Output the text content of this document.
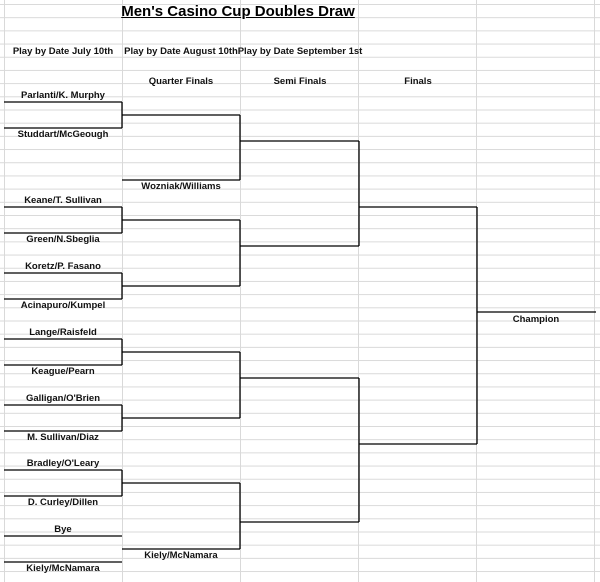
Men's Casino Cup Doubles Draw
Play by Date July 10th Play by Date August 10th Play by Date September 1st
Quarter Finals	Semi Finals	Finals
Parlanti/K. Murphy
Studdart/McGeough
Keane/T. Sullivan
Green/N.Sbeglia
Koretz/P. Fasano
Acinapuro/Kumpel
Lange/Raisfeld
Keague/Pearn
Galligan/O'Brien
M. Sullivan/Diaz
Bradley/O'Leary
D. Curley/Dillen
Bye
Kiely/McNamara
Wozniak/Williams
Kiely/McNamara
Champion
